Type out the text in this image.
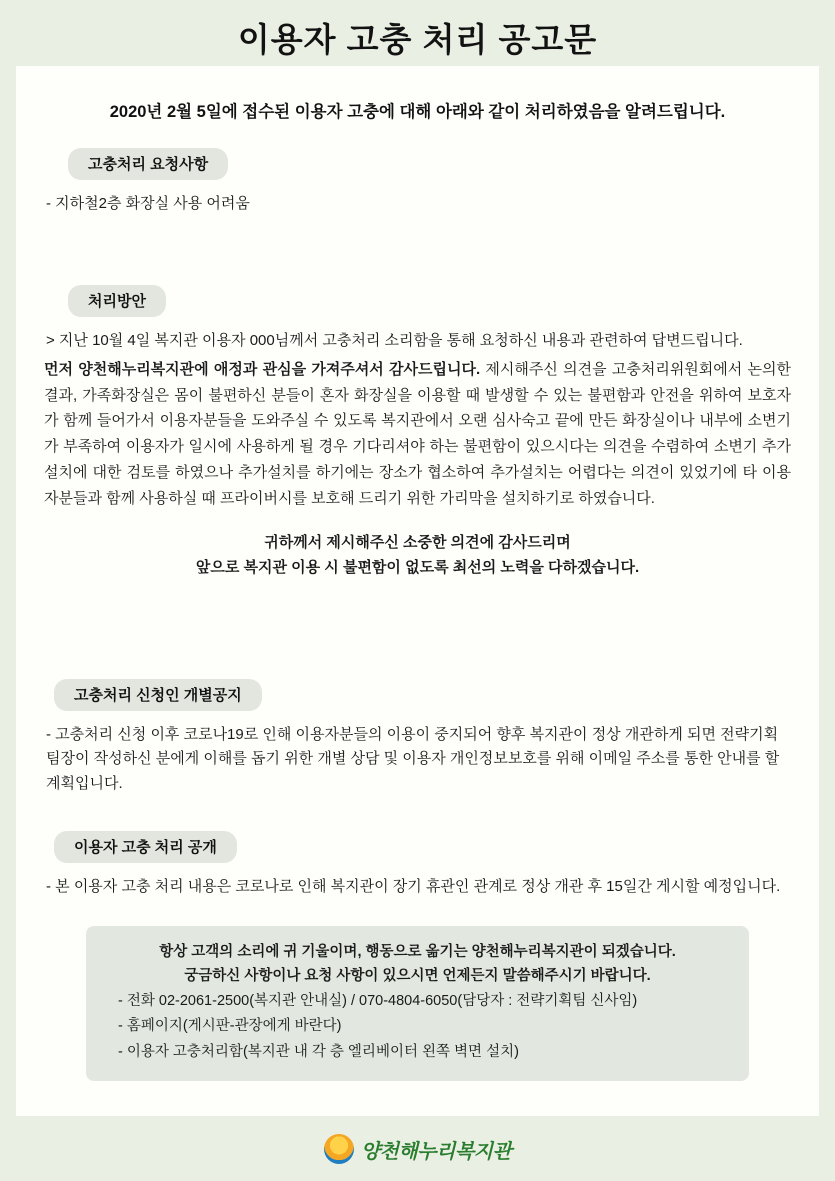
이용자 고충 처리 공고문
2020년 2월 5일에 접수된 이용자 고충에 대해 아래와 같이 처리하였음을 알려드립니다.
고충처리 요청사항
- 지하철2층 화장실 사용 어려움
처리방안
> 지난 10월 4일 복지관 이용자 000님께서 고충처리 소리함을 통해 요청하신 내용과 관련하여 답변드립니다.
먼저 양천해누리복지관에 애정과 관심을 가져주셔서 감사드립니다. 제시해주신 의견을 고충처리위원회에서 논의한 결과, 가족화장실은 몸이 불편하신 분들이 혼자 화장실을 이용할 때 발생할 수 있는 불편함과 안전을 위하여 보호자가 함께 들어가서 이용자분들을 도와주실 수 있도록 복지관에서 오랜 심사숙고 끝에 만든 화장실이나 내부에 소변기가 부족하여 이용자가 일시에 사용하게 될 경우 기다리셔야 하는 불편함이 있으시다는 의견을 수렴하여 소변기 추가 설치에 대한 검토를 하였으나 추가설치를 하기에는 장소가 협소하여 추가설치는 어렵다는 의견이 있었기에 타 이용자분들과 함께 사용하실 때 프라이버시를 보호해 드리기 위한 가리막을 설치하기로 하였습니다.
귀하께서 제시해주신 소중한 의견에 감사드리며
앞으로 복지관 이용 시 불편함이 없도록 최선의 노력을 다하겠습니다.
고충처리 신청인 개별공지
- 고충처리 신청 이후 코로나19로 인해 이용자분들의 이용이 중지되어 향후 복지관이 정상 개관하게 되면 전략기획팀장이 작성하신 분에게 이해를 돕기 위한 개별 상담 및 이용자 개인정보보호를 위해 이메일 주소를 통한 안내를 할 계획입니다.
이용자 고충 처리 공개
- 본 이용자 고충 처리 내용은 코로나로 인해 복지관이 장기 휴관인 관계로 정상 개관 후 15일간 게시할 예정입니다.
항상 고객의 소리에 귀 기울이며, 행동으로 옮기는 양천해누리복지관이 되겠습니다.
궁금하신 사항이나 요청 사항이 있으시면 언제든지 말씀해주시기 바랍니다.
- 전화 02-2061-2500(복지관 안내실) / 070-4804-6050(담당자 : 전략기획팀 신사임)
- 홈페이지(게시판-관장에게 바란다)
- 이용자 고충처리함(복지관 내 각 층 엘리베이터 왼쪽 벽면 설치)
양천해누리복지관
